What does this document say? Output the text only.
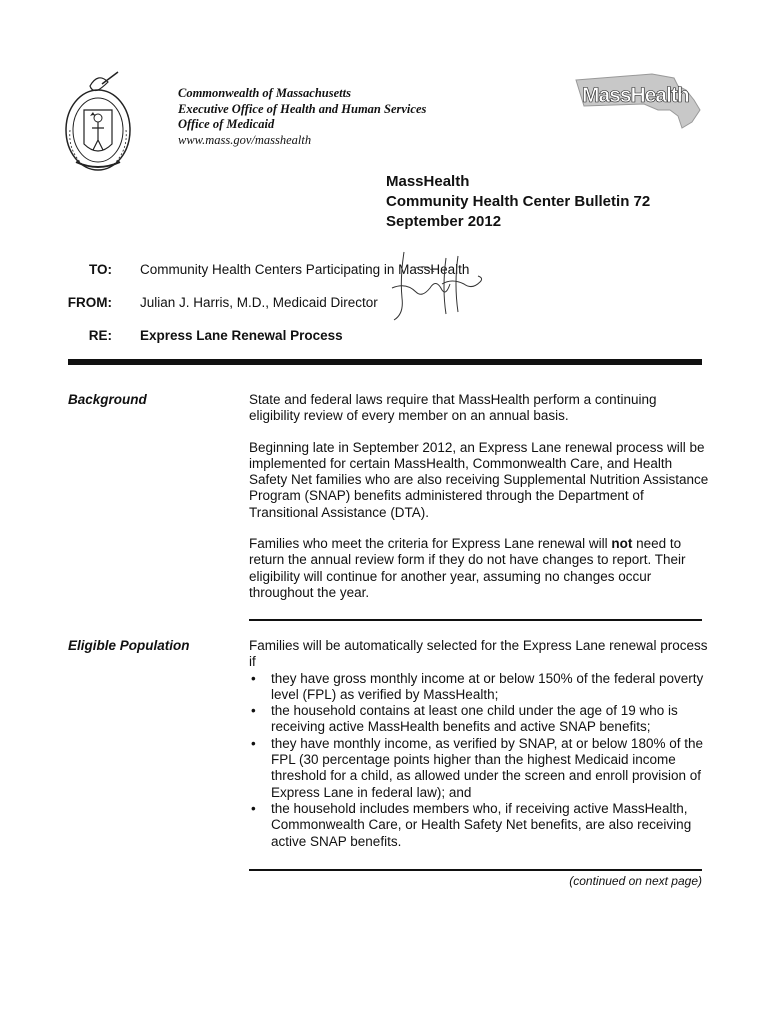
Commonwealth of Massachusetts
Executive Office of Health and Human Services
Office of Medicaid
www.mass.gov/masshealth
MassHealth
MassHealth
Community Health Center Bulletin 72
September 2012
TO: Community Health Centers Participating in MassHealth
FROM: Julian J. Harris, M.D., Medicaid Director
RE: Express Lane Renewal Process
Background	State and federal laws require that MassHealth perform a continuing eligibility review of every member on an annual basis.

Beginning late in September 2012, an Express Lane renewal process will be implemented for certain MassHealth, Commonwealth Care, and Health Safety Net families who are also receiving Supplemental Nutrition Assistance Program (SNAP) benefits administered through the Department of Transitional Assistance (DTA).

Families who meet the criteria for Express Lane renewal will not need to return the annual review form if they do not have changes to report. Their eligibility will continue for another year, assuming no changes occur throughout the year.

Eligible Population	Families will be automatically selected for the Express Lane renewal process if
• they have gross monthly income at or below 150% of the federal poverty level (FPL) as verified by MassHealth;
• the household contains at least one child under the age of 19 who is receiving active MassHealth benefits and active SNAP benefits;
• they have monthly income, as verified by SNAP, at or below 180% of the FPL (30 percentage points higher than the highest Medicaid income threshold for a child, as allowed under the screen and enroll provision of Express Lane in federal law); and
• the household includes members who, if receiving active MassHealth, Commonwealth Care, or Health Safety Net benefits, are also receiving active SNAP benefits.
(continued on next page)
